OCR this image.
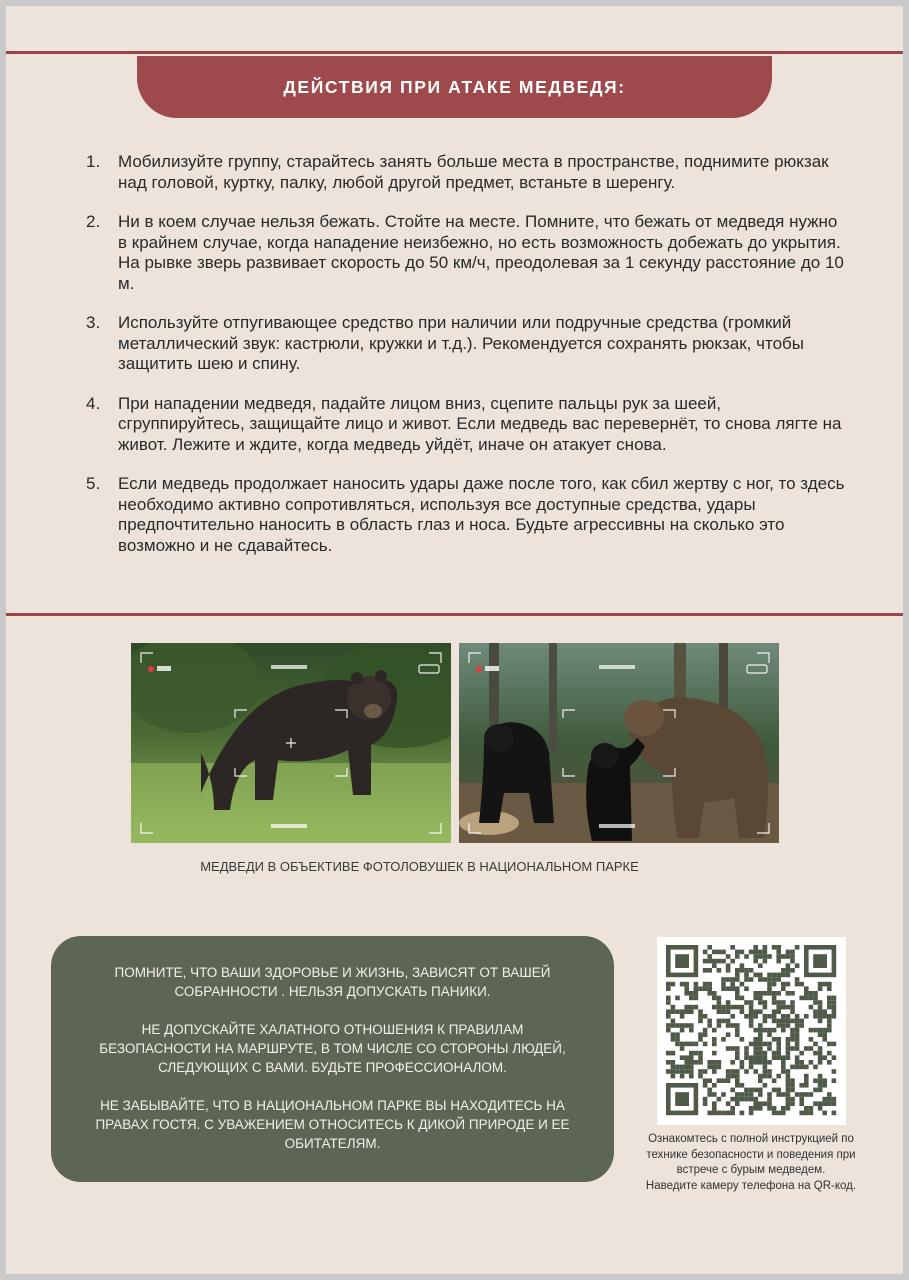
ДЕЙСТВИЯ ПРИ АТАКЕ МЕДВЕДЯ:
1.	Мобилизуйте группу, старайтесь занять больше места в пространстве, поднимите рюкзак над головой, куртку, палку, любой другой предмет, встаньте в шеренгу.
2.	Ни в коем случае нельзя бежать. Стойте на месте. Помните, что бежать от медведя нужно в крайнем случае, когда нападение неизбежно, но есть возможность добежать до укрытия. На рывке зверь развивает скорость до 50 км/ч, преодолевая за 1 секунду расстояние до 10 м.
3.	Используйте отпугивающее средство при наличии или подручные средства (громкий металлический звук: кастрюли, кружки и т.д.). Рекомендуется сохранять рюкзак, чтобы защитить шею и спину.
4.	При нападении медведя, падайте лицом вниз, сцепите пальцы рук за шеей, сгруппируйтесь, защищайте лицо и живот. Если медведь вас перевернёт, то снова лягте на живот. Лежите и ждите, когда медведь уйдёт, иначе он атакует снова.
5.	Если медведь продолжает наносить удары даже после того, как сбил жертву с ног, то здесь необходимо активно сопротивляться, используя все доступные средства, удары предпочтительно наносить в область глаз и носа. Будьте агрессивны на сколько это возможно и не сдавайтесь.
МЕДВЕДИ В ОБЪЕКТИВЕ ФОТОЛОВУШЕК В НАЦИОНАЛЬНОМ ПАРКЕ

ПОМНИТЕ, ЧТО ВАШИ ЗДОРОВЬЕ И ЖИЗНЬ, ЗАВИСЯТ ОТ ВАШЕЙ СОБРАННОСТИ . НЕЛЬЗЯ ДОПУСКАТЬ ПАНИКИ.

НЕ ДОПУСКАЙТЕ ХАЛАТНОГО ОТНОШЕНИЯ К ПРАВИЛАМ БЕЗОПАСНОСТИ НА МАРШРУТЕ, В ТОМ ЧИСЛЕ СО СТОРОНЫ ЛЮДЕЙ, СЛЕДУЮЩИХ С ВАМИ. БУДЬТЕ ПРОФЕССИОНАЛОМ.

НЕ ЗАБЫВАЙТЕ, ЧТО В НАЦИОНАЛЬНОМ ПАРКЕ ВЫ НАХОДИТЕСЬ НА ПРАВАХ ГОСТЯ. С УВАЖЕНИЕМ ОТНОСИТЕСЬ К ДИКОЙ ПРИРОДЕ И ЕЕ ОБИТАТЕЛЯМ.	Ознакомтесь с полной инструкцией по
технике безопасности и поведения при
встрече с бурым медведем.
Наведите камеру телефона на QR-код.
